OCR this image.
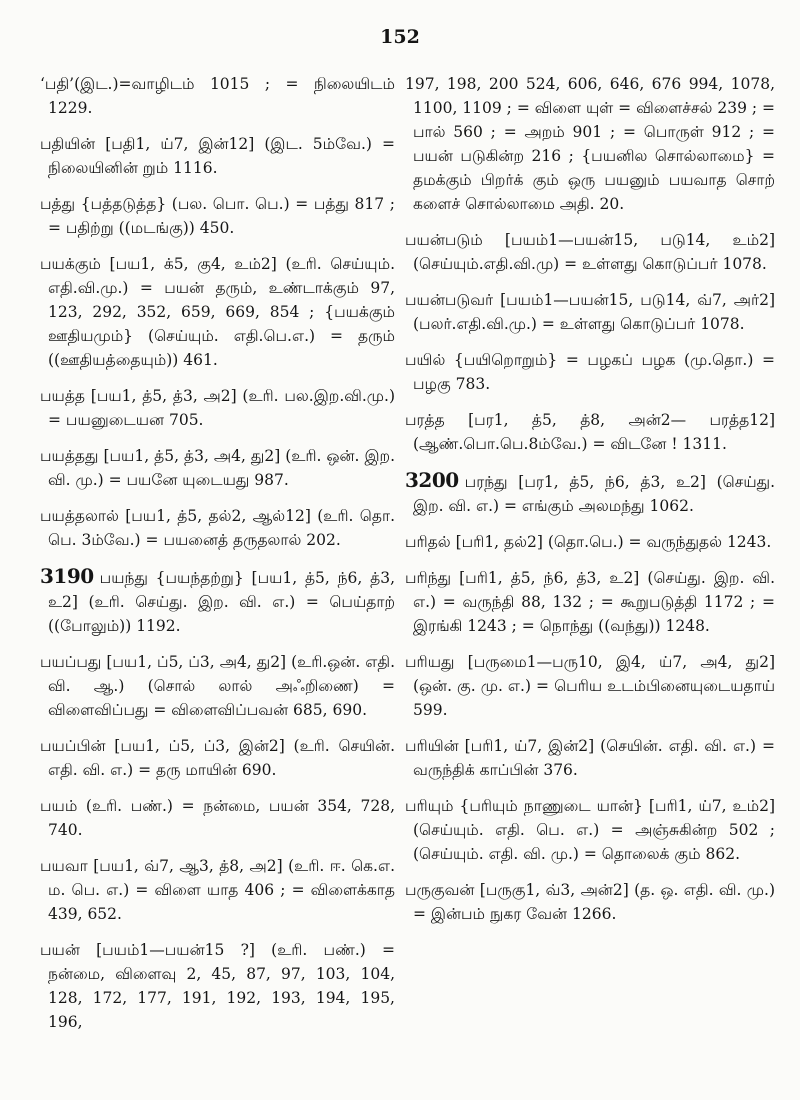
152

‘பதி’(இட.)=வாழிடம் 1015 ; = நிலையிடம் 1229.

பதியின் [பதி1, ய்7, இன்12] (இட. 5ம்வே.) = நிலையினின் றும் 1116.

பத்து {பத்தடுத்த} (பல. பொ. பெ.) = பத்து 817 ; = பதிற்று ((மடங்கு)) 450.

பயக்கும் [பய1, க்5, கு4, உம்2] (உரி. செய்யும். எதி.வி.மு.) = பயன் தரும், உண்டாக்கும் 97, 123, 292, 352, 659, 669, 854 ; {பயக்கும் ஊதியமும்} (செய்யும். எதி.பெ.எ.) = தரும் ((ஊதியத்தையும்)) 461.

பயத்த [பய1, த்5, த்3, அ2] (உரி. பல.இற.வி.மு.) = பயனுடையன 705.

பயத்தது [பய1, த்5, த்3, அ4, து2] (உரி. ஒன். இற. வி. மு.) = பயனே யுடையது 987.

பயத்தலால் [பய1, த்5, தல்2, ஆல்12] (உரி. தொ. பெ. 3ம்வே.) = பயனைத் தருதலால் 202.

3190 பயந்து {பயந்தற்று} [பய1, த்5, ந்6, த்3, உ2] (உரி. செய்து. இற. வி. எ.) = பெய்தாற் ((போலும்)) 1192.

பயப்பது [பய1, ப்5, ப்3, அ4, து2] (உரி.ஒன். எதி. வி. ஆ.) (சொல் லால் அஃறிணை) = விளைவிப்பது = விளைவிப்பவன் 685, 690.

பயப்பின் [பய1, ப்5, ப்3, இன்2] (உரி. செயின். எதி. வி. எ.) = தரு மாயின் 690.

பயம் (உரி. பண்.) = நன்மை, பயன் 354, 728, 740.

பயவா [பய1, வ்7, ஆ3, த்8, அ2] (உரி. ஈ. கெ.எ. ம. பெ. எ.) = விளை யாத 406 ; = விளைக்காத 439, 652.

பயன் [பயம்1—பயன்15 ?] (உரி. பண்.) = நன்மை, விளைவு 2, 45, 87, 97, 103, 104, 128, 172, 177, 191, 192, 193, 194, 195, 196,

197, 198, 200 524, 606, 646, 676 994, 1078, 1100, 1109 ; = விளை யுள் = விளைச்சல் 239 ; = பால் 560 ; = அறம் 901 ; = பொருள் 912 ; = பயன் படுகின்ற 216 ; {பயனில சொல்லாமை} = தமக்கும் பிறர்க் கும் ஒரு பயனும் பயவாத சொற் களைச் சொல்லாமை அதி. 20.

பயன்படும் [பயம்1—பயன்15, படு14, உம்2] (செய்யும்.எதி.வி.மு) = உள்ளது கொடுப்பர் 1078.

பயன்படுவர் [பயம்1—பயன்15, படு14, வ்7, அர்2] (பலர்.எதி.வி.மு.) = உள்ளது கொடுப்பர் 1078.

பயில் {பயிறொறும்} = பழகப் பழக (மு.தொ.) = பழகு 783.

பரத்த [பர1, த்5, த்8, அன்2— பரத்த12] (ஆண்.பொ.பெ.8ம்வே.) = விடனே ! 1311.

3200 பரந்து [பர1, த்5, ந்6, த்3, உ2] (செய்து. இற. வி. எ.) = எங்கும் அலமந்து 1062.

பரிதல் [பரி1, தல்2] (தொ.பெ.) = வருந்துதல் 1243.

பரிந்து [பரி1, த்5, ந்6, த்3, உ2] (செய்து. இற. வி. எ.) = வருந்தி 88, 132 ; = கூறுபடுத்தி 1172 ; = இரங்கி 1243 ; = நொந்து ((வந்து)) 1248.

பரியது [பருமை1—பரு10, இ4, ய்7, அ4, து2] (ஒன். கு. மு. எ.) = பெரிய உடம்பினையுடையதாய் 599.

பரியின் [பரி1, ய்7, இன்2] (செயின். எதி. வி. எ.) = வருந்திக் காப்பின் 376.

பரியும் {பரியும் நாணுடை யான்} [பரி1, ய்7, உம்2] (செய்யும். எதி. பெ. எ.) = அஞ்சுகின்ற 502 ; (செய்யும். எதி. வி. மு.) = தொலைக் கும் 862.

பருகுவன் [பருகு1, வ்3, அன்2] (த. ஒ. எதி. வி. மு.) = இன்பம் நுகர வேன் 1266.
